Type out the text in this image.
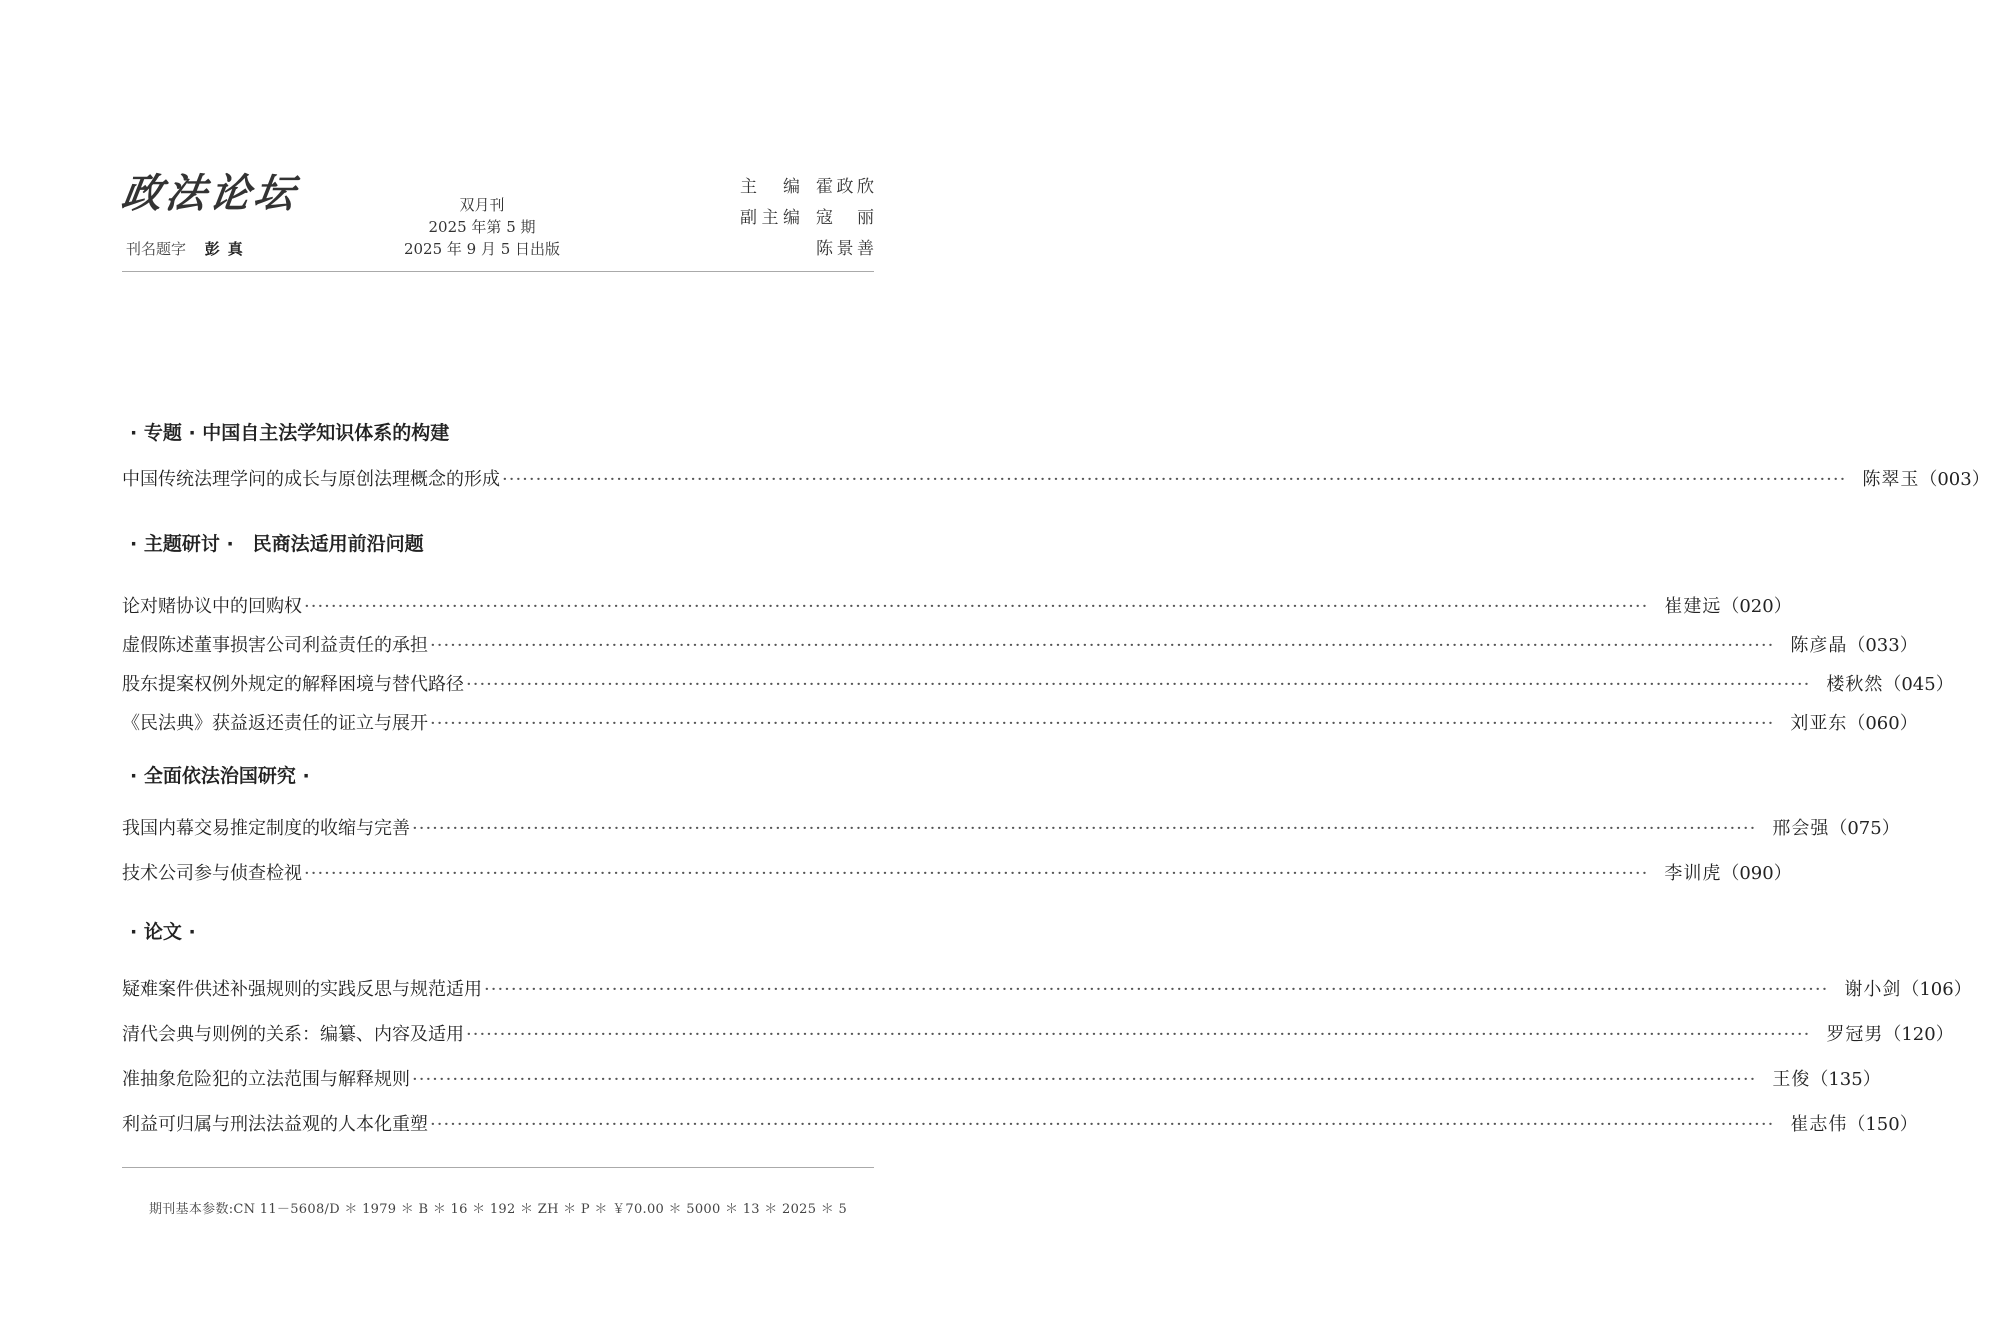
政法论坛
刊名题字 彭真
双月刊
2025 年第 5 期
2025 年 9 月 5 日出版
主编 霍政欣
副主编 寇丽
陈景善
· 专题 · 中国自主法学知识体系的构建
中国传统法理学问的成长与原创法理概念的形成 ········································································································································································································ 陈翠玉 （003）
· 主题研讨 ·　民商法适用前沿问题
论对赌协议中的回购权 ········································································································································································································ 崔建远 （020）
虚假陈述董事损害公司利益责任的承担 ········································································································································································································ 陈彦晶 （033）
股东提案权例外规定的解释困境与替代路径 ········································································································································································································ 楼秋然 （045）
《民法典》获益返还责任的证立与展开 ········································································································································································································ 刘亚东 （060）
· 全面依法治国研究 ·
我国内幕交易推定制度的收缩与完善 ········································································································································································································ 邢会强 （075）
技术公司参与侦查检视 ········································································································································································································ 李训虎 （090）
· 论文 ·
疑难案件供述补强规则的实践反思与规范适用 ········································································································································································································ 谢小剑 （106）
清代会典与则例的关系：编纂、内容及适用 ········································································································································································································ 罗冠男 （120）
准抽象危险犯的立法范围与解释规则 ········································································································································································································ 王俊 （135）
利益可归属与刑法法益观的人本化重塑 ········································································································································································································ 崔志伟 （150）
期刊基本参数:CN 11－5608/D ＊ 1979 ＊ B ＊ 16 ＊ 192 ＊ ZH ＊ P ＊ ￥70.00 ＊ 5000 ＊ 13 ＊ 2025 ＊ 5
